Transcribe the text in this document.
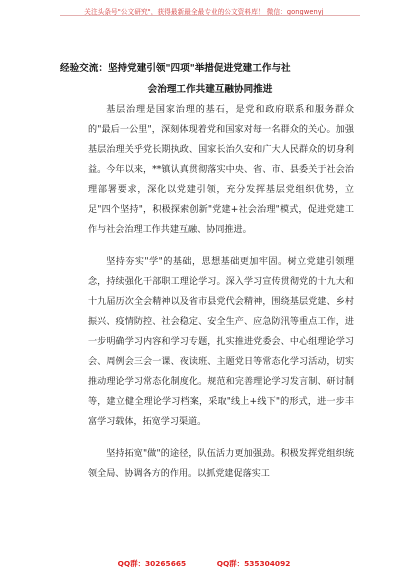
关注头条号"公文研究"，获得最新最全最专业的公文资料库！ 微信：gongwenyj
经验交流：坚持党建引领"四项"举措促进党建工作与社
会治理工作共建互融协同推进

基层治理是国家治理的基石，是党和政府联系和服务群众的"最后一公里"，深刻体现着党和国家对每一名群众的关心。加强基层治理关乎党长期执政、国家长治久安和广大人民群众的切身利益。今年以来，**镇认真贯彻落实中央、省、市、县委关于社会治理部署要求，深化以党建引领，充分发挥基层党组织优势，立足"四个坚持"，积极探索创新"党建+社会治理"模式，促进党建工作与社会治理工作共建互融、协同推进。

坚持夯实"学"的基础，思想基础更加牢固。树立党建引领理念，持续强化干部职工理论学习。深入学习宣传贯彻党的十九大和十九届历次全会精神以及省市县党代会精神，围绕基层党建、乡村振兴、疫情防控、社会稳定、安全生产、应急防汛等重点工作，进一步明确学习内容和学习专题，扎实推进党委会、中心组理论学习会、周例会三会一课、夜读班、主题党日等常态化学习活动，切实推动理论学习常态化制度化。规范和完善理论学习发言制、研讨制等，建立健全理论学习档案，采取"线上+线下"的形式，进一步丰富学习载体，拓宽学习渠道。

坚持拓宽"做"的途径，队伍活力更加强劲。积极发挥党组织统领全局、协调各方的作用。以抓党建促落实工

QQ群：30265665	QQ群：535304092
